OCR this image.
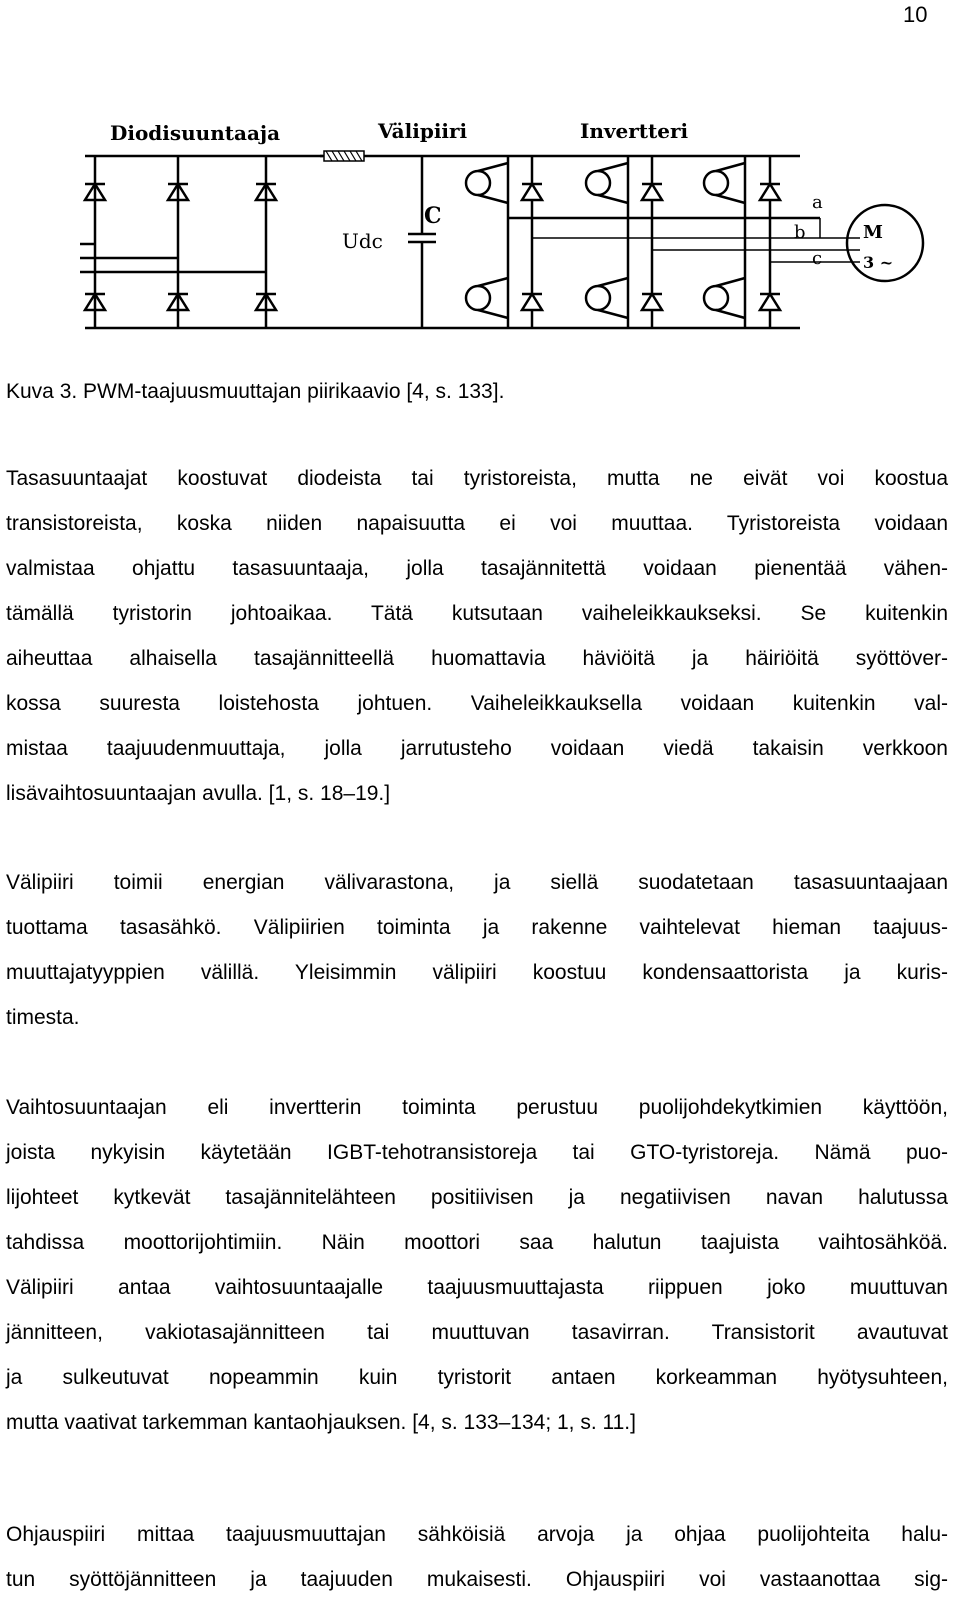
10
Diodisuuntaaja	Välipiiri	Invertteri
C
Udc
a
b
c
M
3 ~
Kuva 3. PWM-taajuusmuuttajan piirikaavio [4, s. 133].
Tasasuuntaajat koostuvat diodeista tai tyristoreista, mutta ne eivät voi koostua
transistoreista, koska niiden napaisuutta ei voi muuttaa. Tyristoreista voidaan
valmistaa ohjattu tasasuuntaaja, jolla tasajännitettä voidaan pienentää vähen-
tämällä tyristorin johtoaikaa. Tätä kutsutaan vaiheleikkaukseksi. Se kuitenkin
aiheuttaa alhaisella tasajännitteellä huomattavia häviöitä ja häiriöitä syöttöver-
kossa suuresta loistehosta johtuen. Vaiheleikkauksella voidaan kuitenkin val-
mistaa taajuudenmuuttaja, jolla jarrutusteho voidaan viedä takaisin verkkoon
lisävaihtosuuntaajan avulla. [1, s. 18–19.]
Välipiiri toimii energian välivarastona, ja siellä suodatetaan tasasuuntaajaan
tuottama tasasähkö. Välipiirien toiminta ja rakenne vaihtelevat hieman taajuus-
muuttajatyyppien välillä. Yleisimmin välipiiri koostuu kondensaattorista ja kuris-
timesta.
Vaihtosuuntaajan eli invertterin toiminta perustuu puolijohdekytkimien käyttöön,
joista nykyisin käytetään IGBT-tehotransistoreja tai GTO-tyristoreja. Nämä puo-
lijohteet kytkevät tasajännitelähteen positiivisen ja negatiivisen navan halutussa
tahdissa moottorijohtimiin. Näin moottori saa halutun taajuista vaihtosähköä.
Välipiiri antaa vaihtosuuntaajalle taajuusmuuttajasta riippuen joko muuttuvan
jännitteen, vakiotasajännitteen tai muuttuvan tasavirran. Transistorit avautuvat
ja sulkeutuvat nopeammin kuin tyristorit antaen korkeamman hyötysuhteen,
mutta vaativat tarkemman kantaohjauksen. [4, s. 133–134; 1, s. 11.]
Ohjauspiiri mittaa taajuusmuuttajan sähköisiä arvoja ja ohjaa puolijohteita halu-
tun syöttöjännitteen ja taajuuden mukaisesti. Ohjauspiiri voi vastaanottaa sig-
